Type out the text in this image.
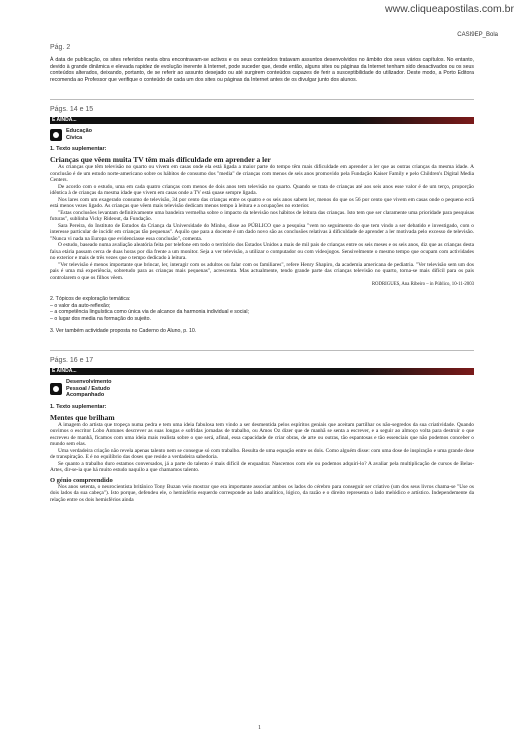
www.cliqueapostilas.com.br
CASI9EP_Bola
Pág. 2
À data de publicação, os sites referidos nesta obra encontravam-se activos e os seus conteúdos tratavam assuntos desenvolvidos no âmbito dos seus vários capítulos. No entanto, devido à grande dinâmica e elevada rapidez de evolução inerente à Internet, pode suceder que, desde então, alguns sites ou páginas da Internet tenham sido desactivados ou os seus conteúdos alterados, deixando, portanto, de se referir ao assunto desejado ou até surgirem conteúdos capazes de ferir a susceptibilidade do utilizador. Deste modo, a Porto Editora recomenda ao Professor que verifique o conteúdo de cada um dos sites ou páginas da Internet antes de os divulgar junto dos alunos.
Págs. 14 e 15
E AINDA...
Educação
Cívica
1. Texto suplementar:
Crianças que vêem muita TV têm mais dificuldade em aprender a ler

As crianças que têm televisão no quarto ou vivem em casas onde ela está ligada a maior parte do tempo têm mais dificuldade em aprender a ler que as outras crianças da mesma idade. A conclusão é de um estudo norte-americano sobre os hábitos de consumo dos "media" de crianças com menos de seis anos promovido pela Fundação Kaiser Family e pelo Children's Digital Media Centers.

De acordo com o estudo, uma em cada quatro crianças com menos de dois anos tem televisão no quarto. Quando se trata de crianças até aos seis anos esse valor é de um terço, proporção idêntica à de crianças da mesma idade que vivem em casas onde a TV está quase sempre ligada.

Nos lares com um exagerado consumo de televisão, 34 por cento das crianças entre os quatro e os seis anos sabem ler, menos do que os 56 por cento que vivem em casas onde o pequeno ecrã está menos vezes ligado. As crianças que vêem mais televisão dedicam menos tempo à leitura e a ocupações no exterior.

"Estas conclusões levantam definitivamente uma bandeira vermelha sobre o impacto da televisão nos hábitos de leitura das crianças. Isto tem que ser claramente uma prioridade para pesquisas futuras", sublinha Vicky Rideout, da Fundação.

Sara Pereira, do Instituto de Estudos da Criança da Universidade do Minho, disse ao PÚBLICO que a pesquisa "vem no seguimento do que tem vindo a ser debatido e investigado, com o interesse particular de incidir em crianças tão pequenas". Aquilo que para a docente é um dado novo são as conclusões relativas à dificuldade de aprender a ler motivada pelo excesso de televisão. "Nunca vi nada na Europa que evidenciasse essa conclusão", comenta.

O estudo, baseado numa avaliação aleatória feita por telefone em todo o território dos Estados Unidos a mais de mil pais de crianças entre os seis meses e os seis anos, diz que as crianças desta faixa etária passam cerca de duas horas por dia frente a um monitor. Seja a ver televisão, a utilizar o computador ou com videojogos. Sensivelmente o mesmo tempo que ocupam com actividades no exterior e mais de três vezes que o tempo dedicado à leitura.

"Ver televisão é menos importante que brincar, ler, interagir com os adultos ou falar com os familiares", refere Henry Shapiro, da academia americana de pediatria. "Ver televisão sem um dos pais é uma má experiência, sobretudo para as crianças mais pequenas", acrescenta. Mas actualmente, tendo grande parte das crianças televisão no quarto, torna-se mais difícil para os pais controlarem o que os filhos vêem.

RODRIGUES, Ana Ribeiro – in Público, 10-11-2003
2. Tópicos de exploração temática:
– o valor da auto-reflexão;
– a competência linguística como única via de alcance da harmonia individual e social;
– o lugar dos media na formação do sujeito.
3. Ver também actividade proposta no Caderno do Aluno, p. 10.
Págs. 16 e 17
E AINDA...
Desenvolvimento
Pessoal / Estudo
Acompanhado
1. Texto suplementar:
Mentes que brilham

A imagem do artista que tropeça numa pedra e tem uma ideia fabulosa tem vindo a ser desmentida pelos espíritos geniais que aceitam partilhar os não-segredos da sua criatividade. Quando ouvimos o escritor Lobo Antunes descrever as suas longas e sofridas jornadas de trabalho, ou Amos Oz dizer que de manhã se senta a escrever, e a seguir ao almoço volta para destruir o que escreveu de manhã, ficamos com uma ideia mais realista sobre o que será, afinal, essa capacidade de criar obras, de arte ou outras, tão espantosas e tão essenciais que não podemos conceber o mundo sem elas.

Uma verdadeira criação não revela apenas talento nem se consegue só com trabalho. Resulta de uma equação entre os dois. Como alguém disse: com uma dose de inspiração e uma grande dose de transpiração. E é no equilíbrio das doses que reside a verdadeira sabedoria.

Se quanto a trabalho duro estamos conversados, já a parte do talento é mais difícil de enquadrar. Nascemos com ele ou podemos adquiri-lo? A avaliar pela multiplicação de cursos de Belas-Artes, dir-se-ia que há muito estudo naquilo a que chamamos talento.

O génio compreendido

Nos anos setenta, o neurocientista britânico Tony Buzan veio mostrar que era importante associar ambos os lados do cérebro para conseguir ser criativo (um dos seus livros chama-se "Use os dois lados da sua cabeça"). Isto porque, defendeu ele, o hemisfério esquerdo corresponde ao lado analítico, lógico, da razão e o direito representa o lado melódico e artístico. Independemente da relação entre os dois hemisférios ainda

1
